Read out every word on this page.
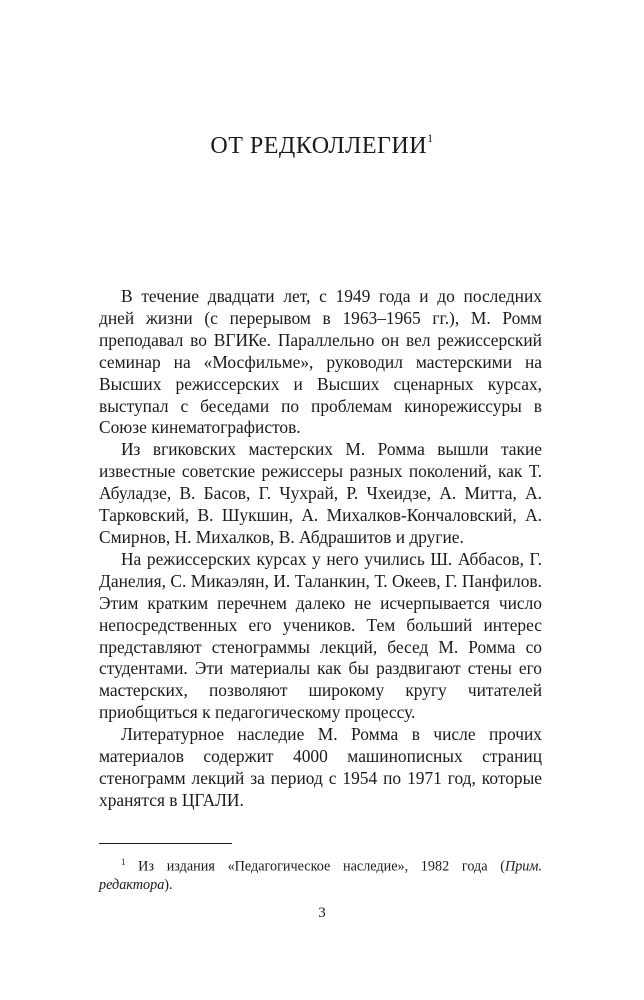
ОТ РЕДКОЛЛЕГИИ$^1$

В течение двадцати лет, с 1949 года и до последних дней жизни (с перерывом в 1963–1965 гг.), М. Ромм преподавал во ВГИКе. Параллельно он вел режиссерский семинар на «Мосфильме», руководил мастерскими на Высших режиссерских и Высших сценарных курсах, выступал с беседами по проблемам кинорежиссуры в Союзе кинематографистов.

Из вгиковских мастерских М. Ромма вышли такие известные советские режиссеры разных поколений, как Т. Абуладзе, В. Басов, Г. Чухрай, Р. Чхеидзе, А. Митта, А. Тарковский, В. Шукшин, А. Михалков-Кончаловский, А. Смирнов, Н. Михалков, В. Абдрашитов и другие.

На режиссерских курсах у него учились Ш. Аббасов, Г. Данелия, С. Микаэлян, И. Таланкин, Т. Океев, Г. Панфилов. Этим кратким перечнем далеко не исчерпывается число непосредственных его учеников. Тем больший интерес представляют стенограммы лекций, бесед М. Ромма со студентами. Эти материалы как бы раздвигают стены его мастерских, позволяют широкому кругу читателей приобщиться к педагогическому процессу.

Литературное наследие М. Ромма в числе прочих материалов содержит 4000 машинописных страниц стенограмм лекций за период с 1954 по 1971 год, которые хранятся в ЦГАЛИ.

$^1$ Из издания «Педагогическое наследие», 1982 года (Прим. редактора).

3
